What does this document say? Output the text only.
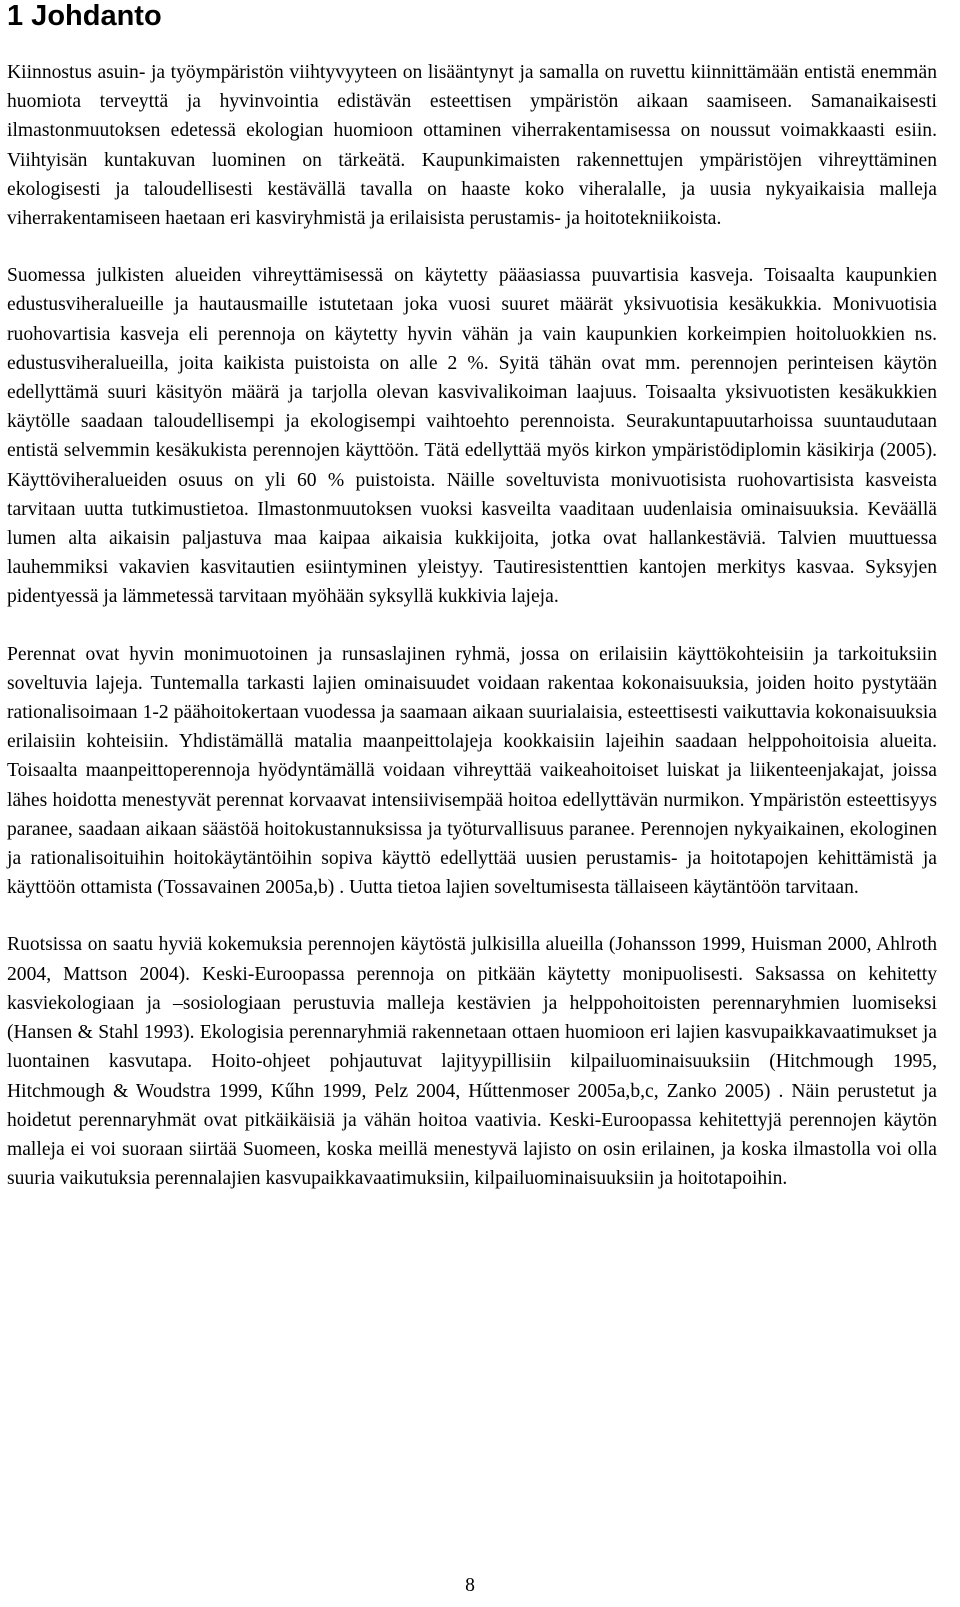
1 Johdanto

Kiinnostus asuin- ja työympäristön viihtyvyyteen on lisääntynyt ja samalla on ruvettu kiinnittämään entistä enemmän huomiota terveyttä ja hyvinvointia edistävän esteettisen ympäristön aikaan saamiseen. Samanaikaisesti ilmastonmuutoksen edetessä ekologian huomioon ottaminen viherrakentamisessa on noussut voimakkaasti esiin. Viihtyisän kuntakuvan luominen on tärkeätä. Kaupunkimaisten rakennettujen ympäristöjen vihreyttäminen ekologisesti ja taloudellisesti kestävällä tavalla on haaste koko viheralalle, ja uusia nykyaikaisia malleja viherrakentamiseen haetaan eri kasviryhmistä ja erilaisista perustamis- ja hoitotekniikoista.

Suomessa julkisten alueiden vihreyttämisessä on käytetty pääasiassa puuvartisia kasveja. Toisaalta kaupunkien edustusviheralueille ja hautausmaille istutetaan joka vuosi suuret määrät yksivuotisia kesäkukkia. Monivuotisia ruohovartisia kasveja eli perennoja on käytetty hyvin vähän ja vain kaupunkien korkeimpien hoitoluokkien ns. edustusviheralueilla, joita kaikista puistoista on alle 2 %. Syitä tähän ovat mm. perennojen perinteisen käytön edellyttämä suuri käsityön määrä ja tarjolla olevan kasvivalikoiman laajuus. Toisaalta yksivuotisten kesäkukkien käytölle saadaan taloudellisempi ja ekologisempi vaihtoehto perennoista. Seurakuntapuutarhoissa suuntaudutaan entistä selvemmin kesäkukista perennojen käyttöön. Tätä edellyttää myös kirkon ympäristödiplomin käsikirja (2005). Käyttöviheralueiden osuus on yli 60 % puistoista. Näille soveltuvista monivuotisista ruohovartisista kasveista tarvitaan uutta tutkimustietoa. Ilmastonmuutoksen vuoksi kasveilta vaaditaan uudenlaisia ominaisuuksia. Keväällä lumen alta aikaisin paljastuva maa kaipaa aikaisia kukkijoita, jotka ovat hallankestäviä. Talvien muuttuessa lauhemmiksi vakavien kasvitautien esiintyminen yleistyy. Tautiresistenttien kantojen merkitys kasvaa. Syksyjen pidentyessä ja lämmetessä tarvitaan myöhään syksyllä kukkivia lajeja.

Perennat ovat hyvin monimuotoinen ja runsaslajinen ryhmä, jossa on erilaisiin käyttökohteisiin ja tarkoituksiin soveltuvia lajeja. Tuntemalla tarkasti lajien ominaisuudet voidaan rakentaa kokonaisuuksia, joiden hoito pystytään rationalisoimaan 1-2 päähoitokertaan vuodessa ja saamaan aikaan suurialaisia, esteettisesti vaikuttavia kokonaisuuksia erilaisiin kohteisiin. Yhdistämällä matalia maanpeittolajeja kookkaisiin lajeihin saadaan helppohoitoisia alueita. Toisaalta maanpeittoperennoja hyödyntämällä voidaan vihreyttää vaikeahoitoiset luiskat ja liikenteenjakajat, joissa lähes hoidotta menestyvät perennat korvaavat intensiivisempää hoitoa edellyttävän nurmikon. Ympäristön esteettisyys paranee, saadaan aikaan säästöä hoitokustannuksissa ja työturvallisuus paranee. Perennojen nykyaikainen, ekologinen ja rationalisoituihin hoitokäytäntöihin sopiva käyttö edellyttää uusien perustamis- ja hoitotapojen kehittämistä ja käyttöön ottamista (Tossavainen 2005a,b) . Uutta tietoa lajien soveltumisesta tällaiseen käytäntöön tarvitaan.

Ruotsissa on saatu hyviä kokemuksia perennojen käytöstä julkisilla alueilla (Johansson 1999, Huisman 2000, Ahlroth 2004, Mattson 2004). Keski-Euroopassa perennoja on pitkään käytetty monipuolisesti. Saksassa on kehitetty kasviekologiaan ja –sosiologiaan perustuvia malleja kestävien ja helppohoitoisten perennaryhmien luomiseksi (Hansen & Stahl 1993). Ekologisia perennaryhmiä rakennetaan ottaen huomioon eri lajien kasvupaikkavaatimukset ja luontainen kasvutapa. Hoito-ohjeet pohjautuvat lajityypillisiin kilpailuominaisuuksiin (Hitchmough 1995, Hitchmough & Woudstra 1999, Kűhn 1999, Pelz 2004, Hűttenmoser 2005a,b,c, Zanko 2005) . Näin perustetut ja hoidetut perennaryhmät ovat pitkäikäisiä ja vähän hoitoa vaativia. Keski-Euroopassa kehitettyjä perennojen käytön malleja ei voi suoraan siirtää Suomeen, koska meillä menestyvä lajisto on osin erilainen, ja koska ilmastolla voi olla suuria vaikutuksia perennalajien kasvupaikkavaatimuksiin, kilpailuominaisuuksiin ja hoitotapoihin.

8
